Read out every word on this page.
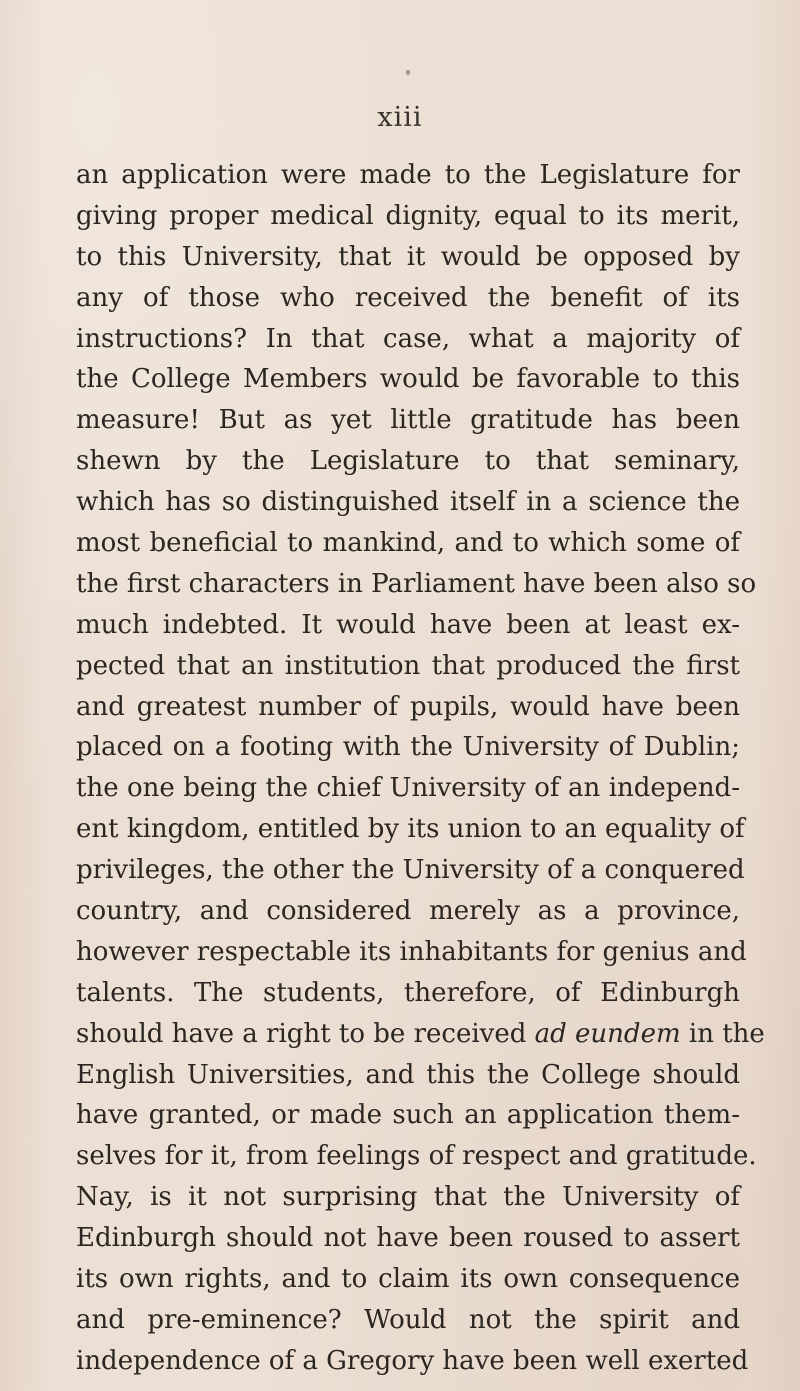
xiii
an application were made to the Legislature for
giving proper medical dignity, equal to its merit,
to this University, that it would be opposed by
any of those who received the benefit of its
instructions? In that case, what a majority of
the College Members would be favorable to this
measure! But as yet little gratitude has been
shewn by the Legislature to that seminary,
which has so distinguished itself in a science the
most beneficial to mankind, and to which some of
the first characters in Parliament have been also so
much indebted. It would have been at least ex-
pected that an institution that produced the first
and greatest number of pupils, would have been
placed on a footing with the University of Dublin;
the one being the chief University of an independ-
ent kingdom, entitled by its union to an equality of
privileges, the other the University of a conquered
country, and considered merely as a province,
however respectable its inhabitants for genius and
talents. The students, therefore, of Edinburgh
should have a right to be received ad eundem in the
English Universities, and this the College should
have granted, or made such an application them-
selves for it, from feelings of respect and gratitude.
Nay, is it not surprising that the University of
Edinburgh should not have been roused to assert
its own rights, and to claim its own consequence
and pre-eminence? Would not the spirit and
independence of a Gregory have been well exerted
